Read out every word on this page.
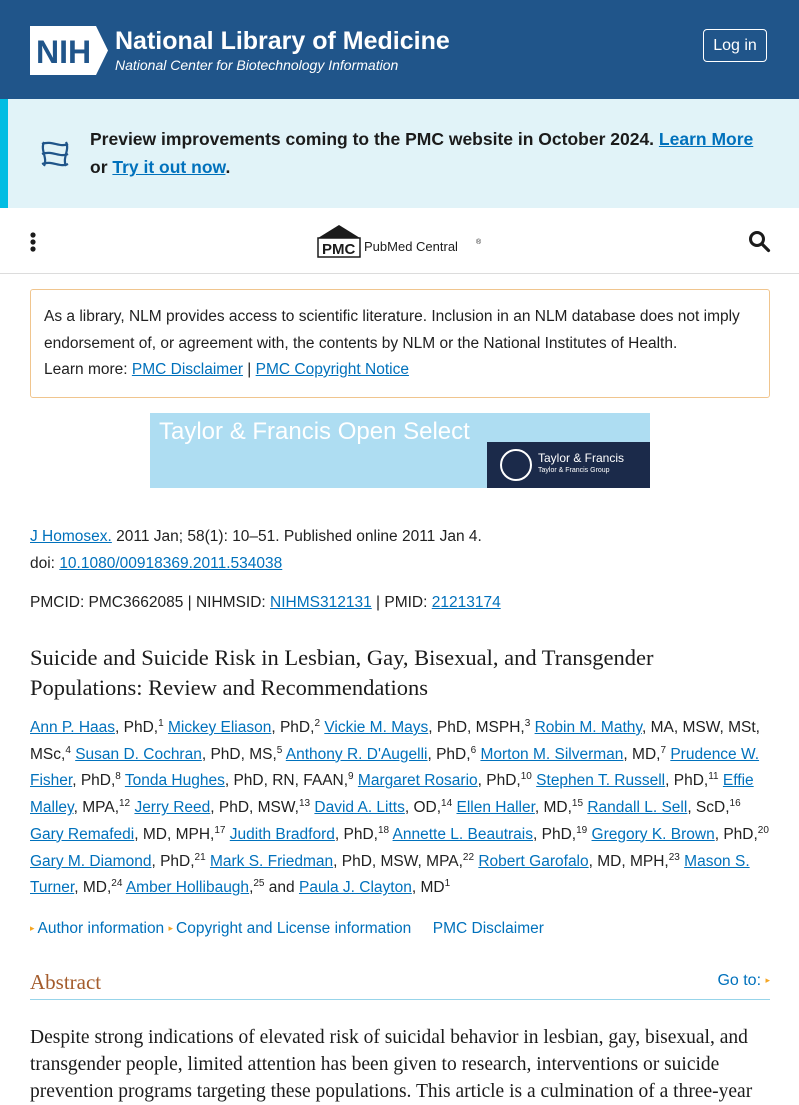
NIH National Library of Medicine
National Center for Biotechnology Information
Log in
Preview improvements coming to the PMC website in October 2024. Learn More
or Try it out now.
PMC PubMed Central	®
As a library, NLM provides access to scientific literature. Inclusion in an NLM database does not imply endorsement of, or agreement with, the contents by NLM or the National Institutes of Health.
Learn more: PMC Disclaimer | PMC Copyright Notice
Taylor & Francis Open Select
Taylor & Francis
Taylor & Francis Group
J Homosex. 2011 Jan; 58(1): 10–51. Published online 2011 Jan 4.
doi: 10.1080/00918369.2011.534038
PMCID: PMC3662085 | NIHMSID: NIHMS312131 | PMID: 21213174
Suicide and Suicide Risk in Lesbian, Gay, Bisexual, and Transgender Populations: Review and Recommendations
Ann P. Haas, PhD,$^1$ Mickey Eliason, PhD,$^2$ Vickie M. Mays, PhD, MSPH,$^3$ Robin M. Mathy, MA, MSW, MSt, MSc,$^4$ Susan D. Cochran, PhD, MS,$^5$ Anthony R. D'Augelli, PhD,$^6$ Morton M. Silverman, MD,$^7$ Prudence W. Fisher, PhD,$^8$ Tonda Hughes, PhD, RN, FAAN,$^9$ Margaret Rosario, PhD,$^{10}$ Stephen T. Russell, PhD,$^{11}$ Effie Malley, MPA,$^{12}$ Jerry Reed, PhD, MSW,$^{13}$ David A. Litts, OD,$^{14}$ Ellen Haller, MD,$^{15}$ Randall L. Sell, ScD,$^{16}$ Gary Remafedi, MD, MPH,$^{17}$ Judith Bradford, PhD,$^{18}$ Annette L. Beautrais, PhD,$^{19}$ Gregory K. Brown, PhD,$^{20}$ Gary M. Diamond, PhD,$^{21}$ Mark S. Friedman, PhD, MSW, MPA,$^{22}$ Robert Garofalo, MD, MPH,$^{23}$ Mason S. Turner, MD,$^{24}$ Amber Hollibaugh,$^{25}$ and Paula J. Clayton, $MD^1$
▸ Author information ▸ Copyright and License information PMC Disclaimer
Abstract	Go to: ▸
Despite strong indications of elevated risk of suicidal behavior in lesbian, gay, bisexual, and transgender people, limited attention has been given to research, interventions or suicide prevention programs targeting these populations. This article is a culmination of a three-year
